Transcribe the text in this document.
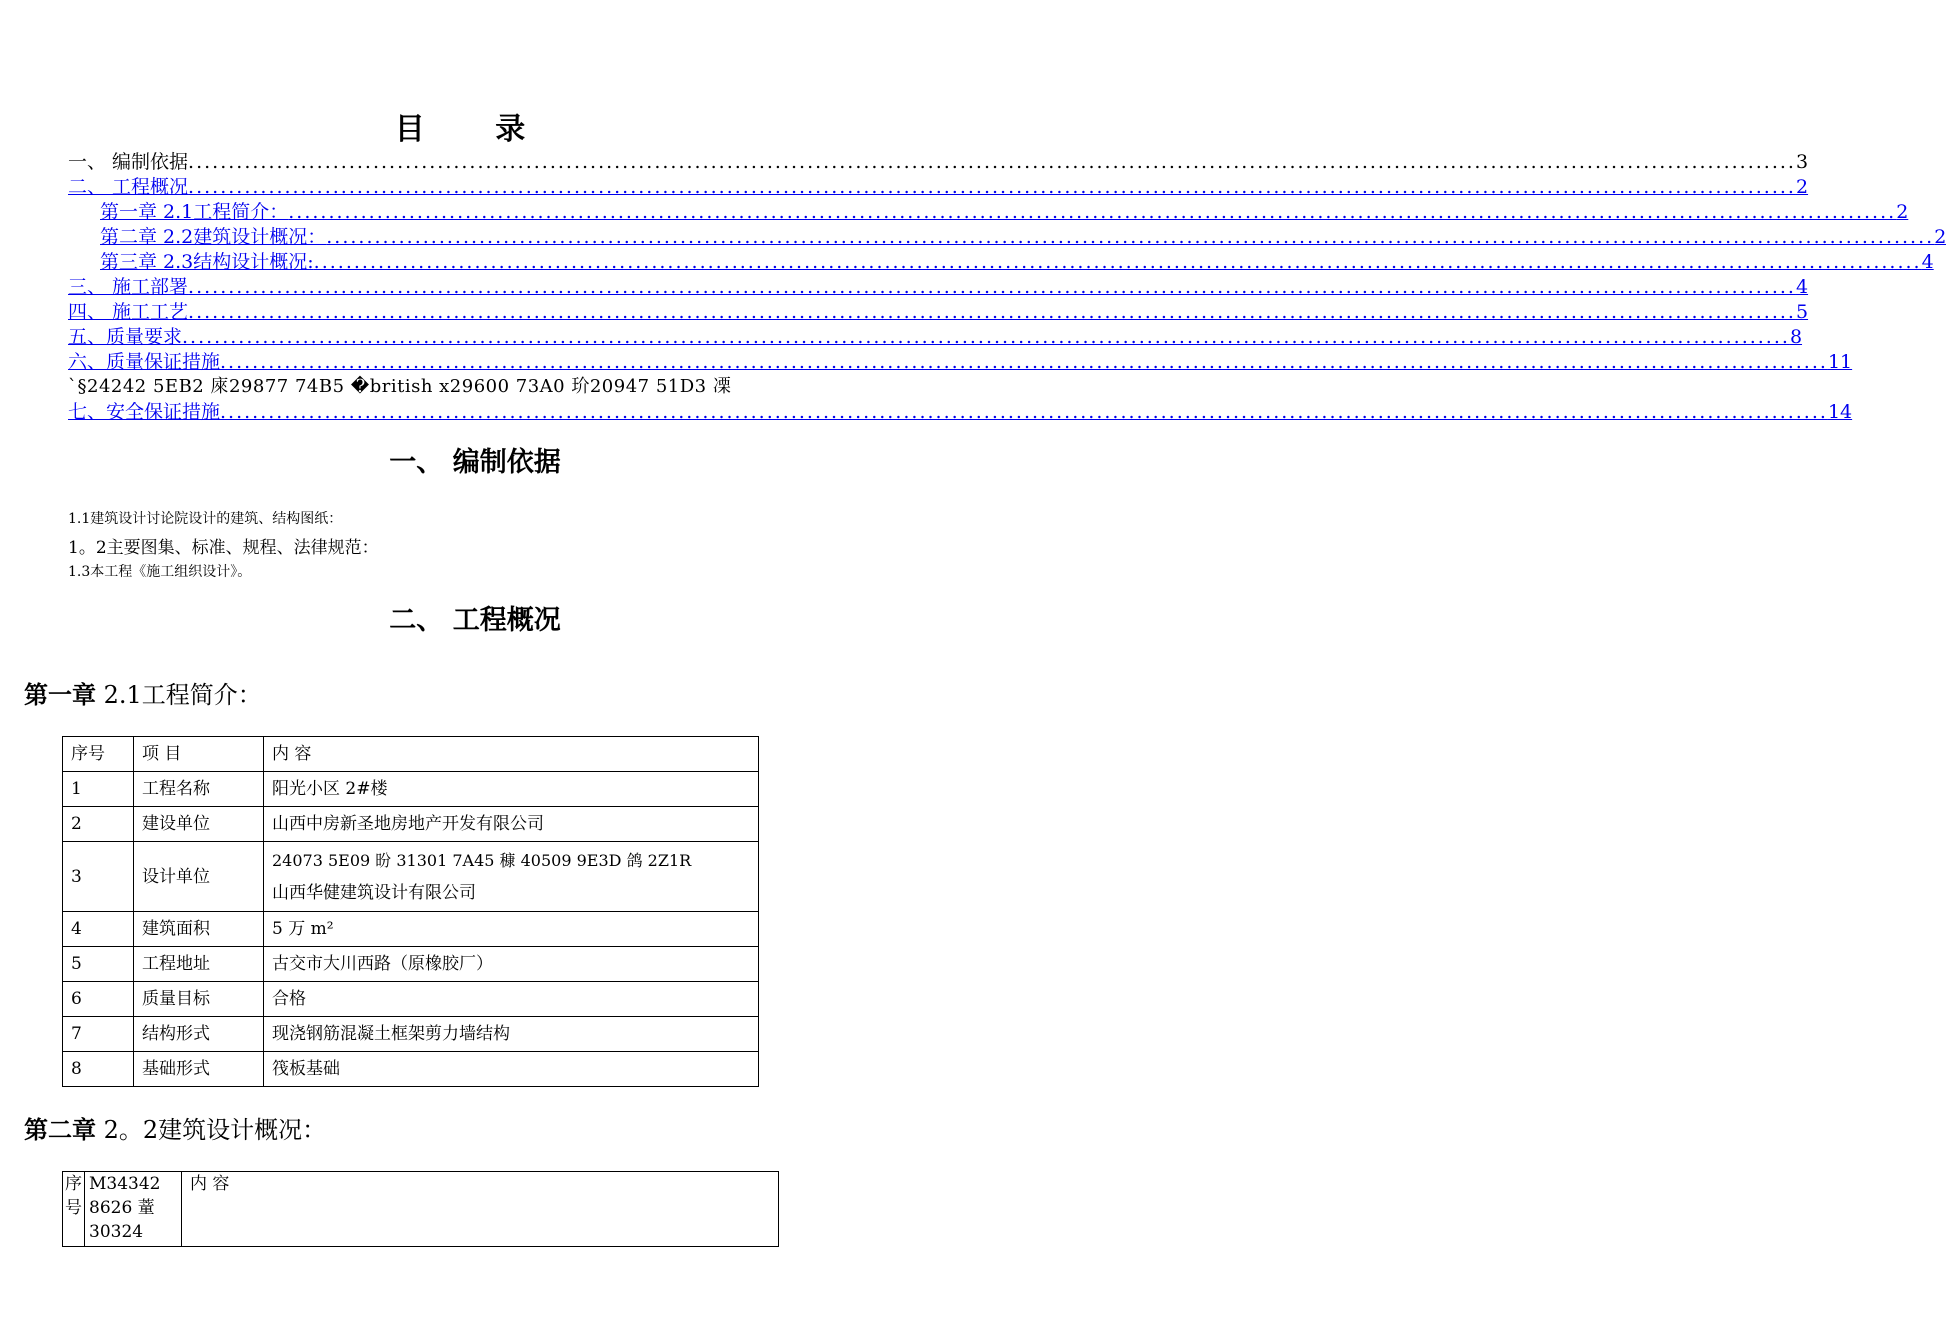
目 录
一、 编制依据 ........................................................................................................................................................................................................ 3
二、 工程概况 ........................................................................................................................................................................................................ 2
第一章 2.1工程简介： ........................................................................................................................................................................................................ 2
第二章 2.2建筑设计概况： ........................................................................................................................................................................................................ 2
第三章 2.3结构设计概况: ........................................................................................................................................................................................................ 4
三、 施工部署 ........................................................................................................................................................................................................ 4
四、 施工工艺 ........................................................................................................................................................................................................ 5
五、质量要求 ........................................................................................................................................................................................................ 8
六、质量保证措施 ........................................................................................................................................................................................................ 11
`§24242 5EB2 庲29877 74B5 �british x29600 73A0 玠20947 51D3 凓
七、安全保证措施 ........................................................................................................................................................................................................ 14
一、 编制依据
1.1建筑设计讨论院设计的建筑、结构图纸：
1。2主要图集、标准、规程、法律规范：
1.3本工程《施工组织设计》。
二、 工程概况
第一章 2.1工程简介：
序号	项 目	内 容
1	工程名称	阳光小区 2#楼
2	建设单位	山西中房新圣地房地产开发有限公司
3	设计单位	24073 5E09 昐 31301 7A45 穅 40509 9E3D 鸽 2Z1R
山西华健建筑设计有限公司

4	建筑面积	5 万 m²
5	工程地址	古交市大川西路（原橡胶厂）
6	质量目标	合格
7	结构形式	现浇钢筋混凝土框架剪力墙结构
8	基础形式	筏板基础
第二章 2。2建筑设计概况：
序号	M34342 8626 蕫 30324	内 容
